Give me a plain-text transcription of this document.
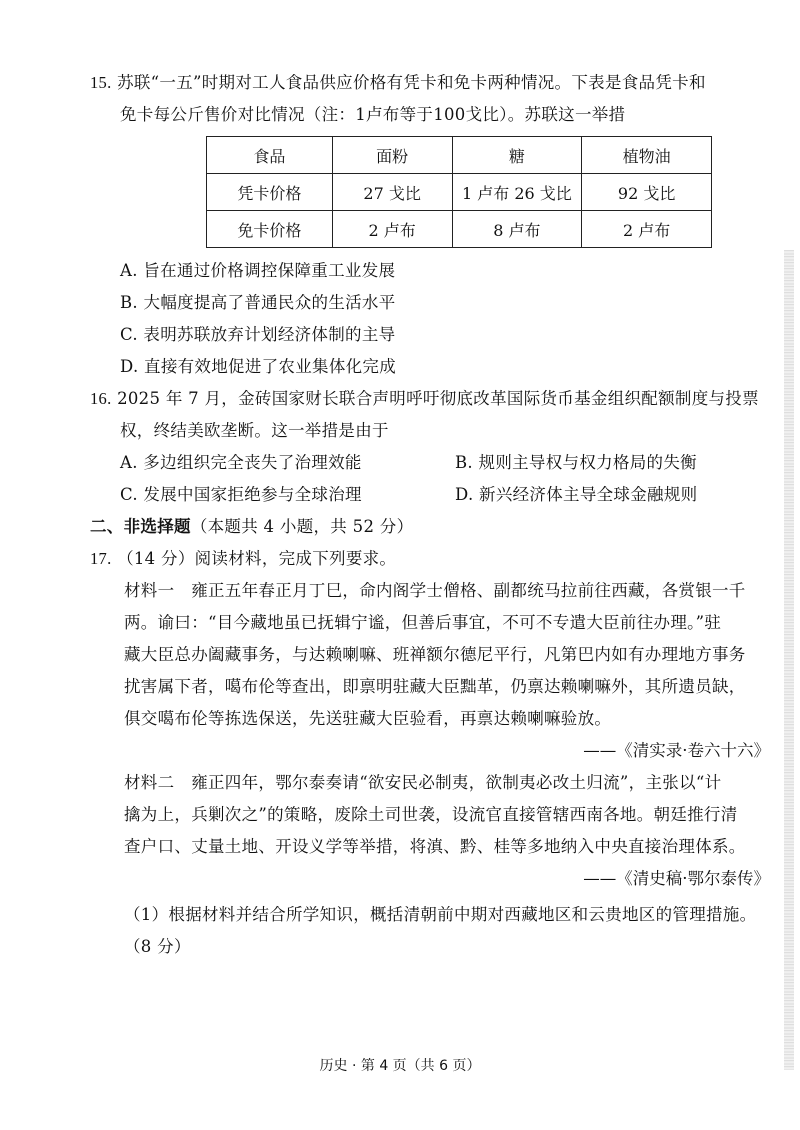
15. 苏联“一五”时期对工人食品供应价格有凭卡和免卡两种情况。下表是食品凭卡和
免卡每公斤售价对比情况（注：1卢布等于100戈比）。苏联这一举措
食品	面粉	糖	植物油
凭卡价格	27 戈比	1 卢布 26 戈比	92 戈比
免卡价格	2 卢布	8 卢布	2 卢布
A. 旨在通过价格调控保障重工业发展
B. 大幅度提高了普通民众的生活水平
C. 表明苏联放弃计划经济体制的主导
D. 直接有效地促进了农业集体化完成
16. 2025 年 7 月，金砖国家财长联合声明呼吁彻底改革国际货币基金组织配额制度与投票
权，终结美欧垄断。这一举措是由于
A. 多边组织完全丧失了治理效能	B. 规则主导权与权力格局的失衡
C. 发展中国家拒绝参与全球治理	D. 新兴经济体主导全球金融规则
二、非选择题（本题共 4 小题，共 52 分）
17. （14 分）阅读材料，完成下列要求。
材料一　雍正五年春正月丁巳，命内阁学士僧格、副都统马拉前往西藏，各赏银一千
两。谕曰：“目今藏地虽已抚辑宁谧，但善后事宜，不可不专遣大臣前往办理。”驻
藏大臣总办阖藏事务，与达赖喇嘛、班禅额尔德尼平行，凡第巴内如有办理地方事务
扰害属下者，噶布伦等查出，即禀明驻藏大臣黜革，仍禀达赖喇嘛外，其所遗员缺，
俱交噶布伦等拣选保送，先送驻藏大臣验看，再禀达赖喇嘛验放。
——《清实录·卷六十六》
材料二　雍正四年，鄂尔泰奏请“欲安民必制夷，欲制夷必改土归流”，主张以“计
擒为上，兵剿次之”的策略，废除土司世袭，设流官直接管辖西南各地。朝廷推行清
查户口、丈量土地、开设义学等举措，将滇、黔、桂等多地纳入中央直接治理体系。
——《清史稿·鄂尔泰传》
（1）根据材料并结合所学知识，概括清朝前中期对西藏地区和云贵地区的管理措施。
（8 分）
历史 · 第 4 页（共 6 页）
